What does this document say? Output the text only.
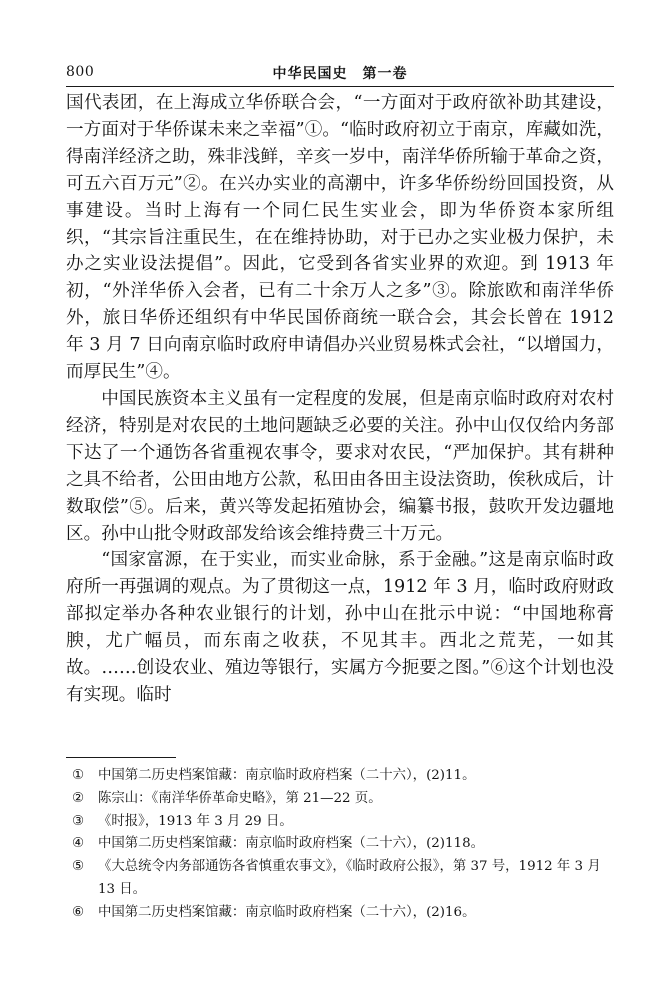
800	中华民国史　第一卷

国代表团，在上海成立华侨联合会，“一方面对于政府欲补助其建设，一方面对于华侨谋未来之幸福”①。“临时政府初立于南京，库藏如洗，得南洋经济之助，殊非浅鲜，辛亥一岁中，南洋华侨所输于革命之资，可五六百万元”②。在兴办实业的高潮中，许多华侨纷纷回国投资，从事建设。当时上海有一个同仁民生实业会，即为华侨资本家所组织，“其宗旨注重民生，在在维持协助，对于已办之实业极力保护，未办之实业设法提倡”。因此，它受到各省实业界的欢迎。到 1913 年初，“外洋华侨入会者，已有二十余万人之多”③。除旅欧和南洋华侨外，旅日华侨还组织有中华民国侨商统一联合会，其会长曾在 1912 年 3 月 7 日向南京临时政府申请倡办兴业贸易株式会社，“以增国力，而厚民生”④。

中国民族资本主义虽有一定程度的发展，但是南京临时政府对农村经济，特别是对农民的土地问题缺乏必要的关注。孙中山仅仅给内务部下达了一个通饬各省重视农事令，要求对农民，“严加保护。其有耕种之具不给者，公田由地方公款，私田由各田主设法资助，俟秋成后，计数取偿”⑤。后来，黄兴等发起拓殖协会，编纂书报，鼓吹开发边疆地区。孙中山批令财政部发给该会维持费三十万元。

“国家富源，在于实业，而实业命脉，系于金融。”这是南京临时政府所一再强调的观点。为了贯彻这一点，1912 年 3 月，临时政府财政部拟定举办各种农业银行的计划，孙中山在批示中说：“中国地称膏腴，尤广幅员，而东南之收获，不见其丰。西北之荒芜，一如其故。……创设农业、殖边等银行，实属方今扼要之图。”⑥这个计划也没有实现。临时

①	中国第二历史档案馆藏：南京临时政府档案（二十六），(2)11。
②	陈宗山：《南洋华侨革命史略》，第 21—22 页。
③	《时报》，1913 年 3 月 29 日。
④	中国第二历史档案馆藏：南京临时政府档案（二十六），(2)118。
⑤	《大总统令内务部通饬各省慎重农事文》，《临时政府公报》，第 37 号，1912 年 3 月 13 日。
⑥	中国第二历史档案馆藏：南京临时政府档案（二十六），(2)16。
